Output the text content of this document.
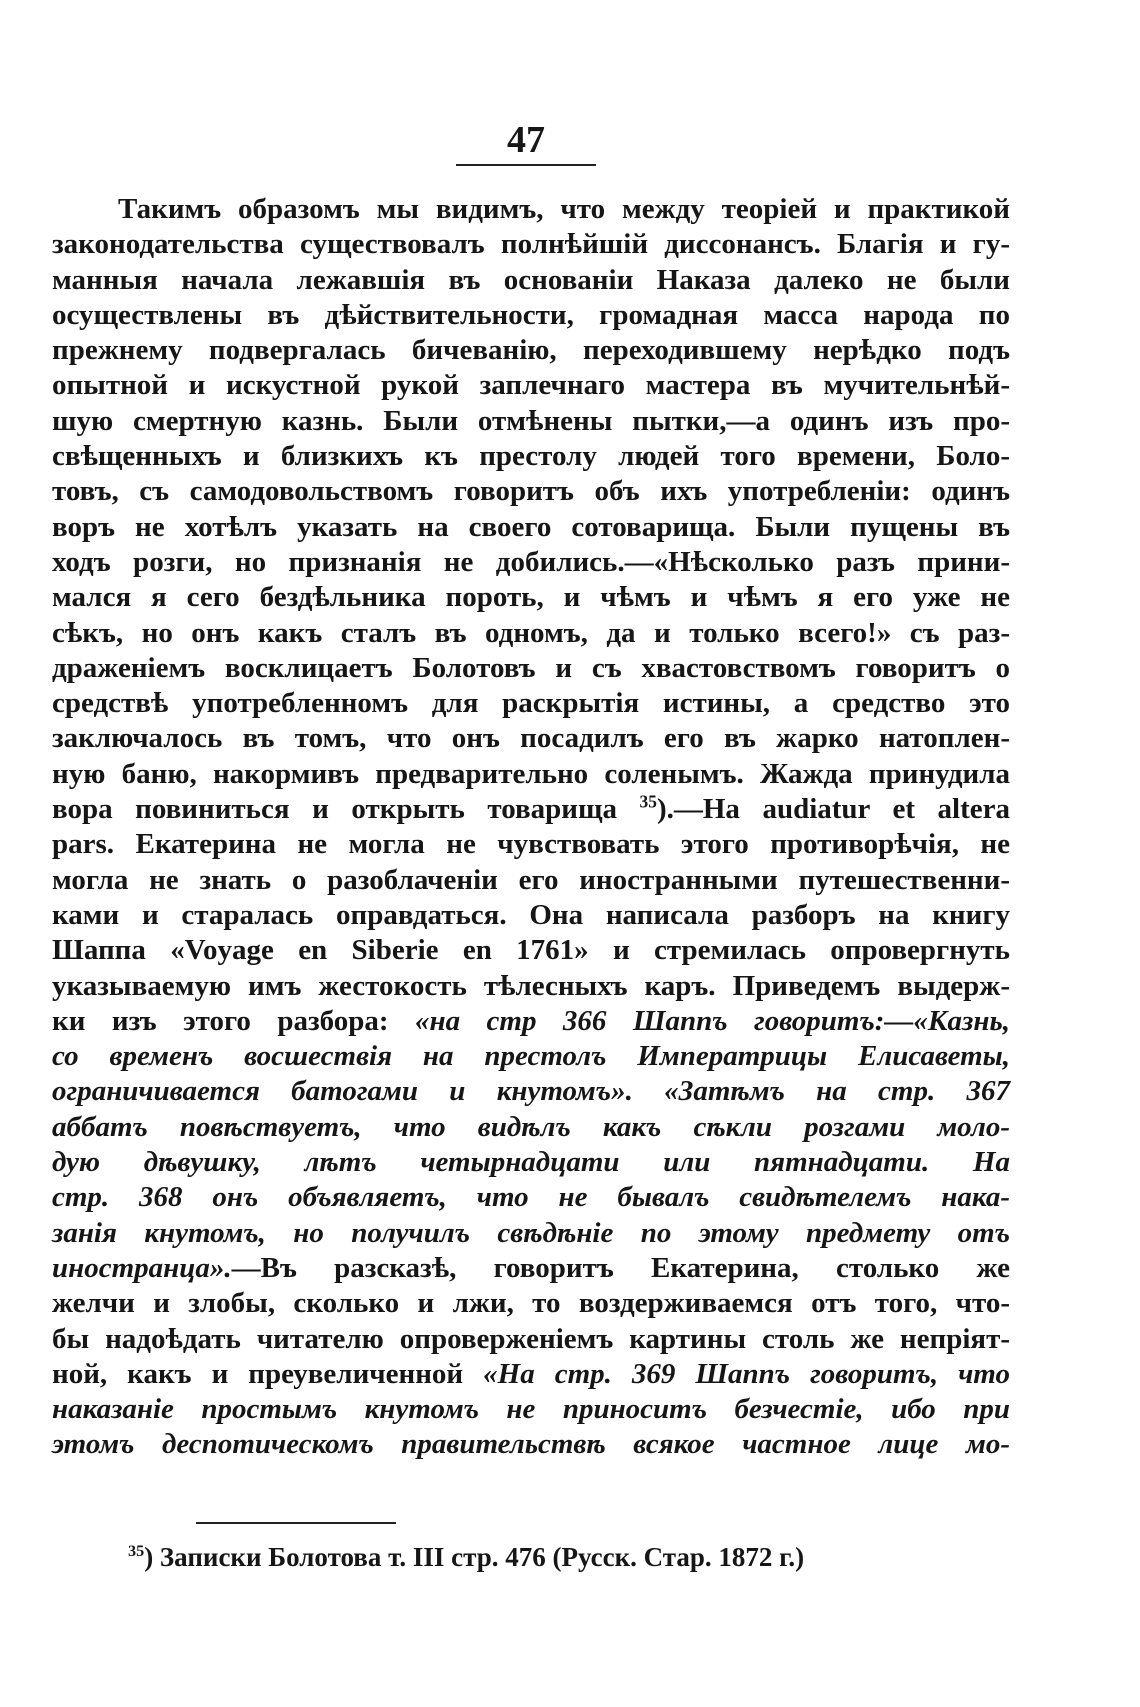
47
Такимъ образомъ мы видимъ, что между теоріей и практикой
законодательства существовалъ полнѣйшій диссонансъ. Благія и гу-
манныя начала лежавшія въ основаніи Наказа далеко не были
осуществлены въ дѣйствительности, громадная масса народа по
прежнему подвергалась бичеванію, переходившему нерѣдко подъ
опытной и искустной рукой заплечнаго мастера въ мучительнѣй-
шую смертную казнь. Были отмѣнены пытки,—а одинъ изъ про-
свѣщенныхъ и близкихъ къ престолу людей того времени, Боло-
товъ, съ самодовольствомъ говоритъ объ ихъ употребленіи: одинъ
воръ не хотѣлъ указать на своего сотоварища. Были пущены въ
ходъ розги, но признанія не добились.—«Нѣсколько разъ прини-
мался я сего бездѣльника пороть, и чѣмъ и чѣмъ я его уже не
сѣкъ, но онъ какъ сталъ въ одномъ, да и только всего!» съ раз-
драженіемъ восклицаетъ Болотовъ и съ хвастовствомъ говоритъ о
средствѣ употребленномъ для раскрытія истины, а средство это
заключалось въ томъ, что онъ посадилъ его въ жарко натоплен-
ную баню, накормивъ предварительно соленымъ. Жажда принудила
вора повиниться и открыть товарища $^{35}$).—На audiatur et altera
pars. Екатерина не могла не чувствовать этого противорѣчія, не
могла не знать о разоблаченіи его иностранными путешественни-
ками и старалась оправдаться. Она написала разборъ на книгу
Шаппа «Voyage en Siberie en 1761» и стремилась опровергнуть
указываемую имъ жестокость тѣлесныхъ каръ. Приведемъ выдерж-
ки изъ этого разбора: «на стр 366 Шаппъ говоритъ:—«Казнь,
со временъ восшествія на престолъ Императрицы Елисаветы,
ограничивается батогами и кнутомъ». «Затѣмъ на стр. 367
аббатъ повѣствуетъ, что видѣлъ какъ сѣкли розгами моло-
дую дѣвушку, лѣтъ четырнадцати или пятнадцати. На
стр. 368 онъ объявляетъ, что не бывалъ свидѣтелемъ нака-
занія кнутомъ, но получилъ свѣдѣніе по этому предмету отъ
иностранца».—Въ разсказѣ, говоритъ Екатерина, столько же
желчи и злобы, сколько и лжи, то воздерживаемся отъ того, что-
бы надоѣдать читателю опроверженіемъ картины столь же непріят-
ной, какъ и преувеличенной «На стр. 369 Шаппъ говоритъ, что
наказаніе простымъ кнутомъ не приноситъ безчестіе, ибо при
этомъ деспотическомъ правительствѣ всякое частное лице мо-
$^{35}$) Записки Болотова т. III стр. 476 (Русск. Стар. 1872 г.)
